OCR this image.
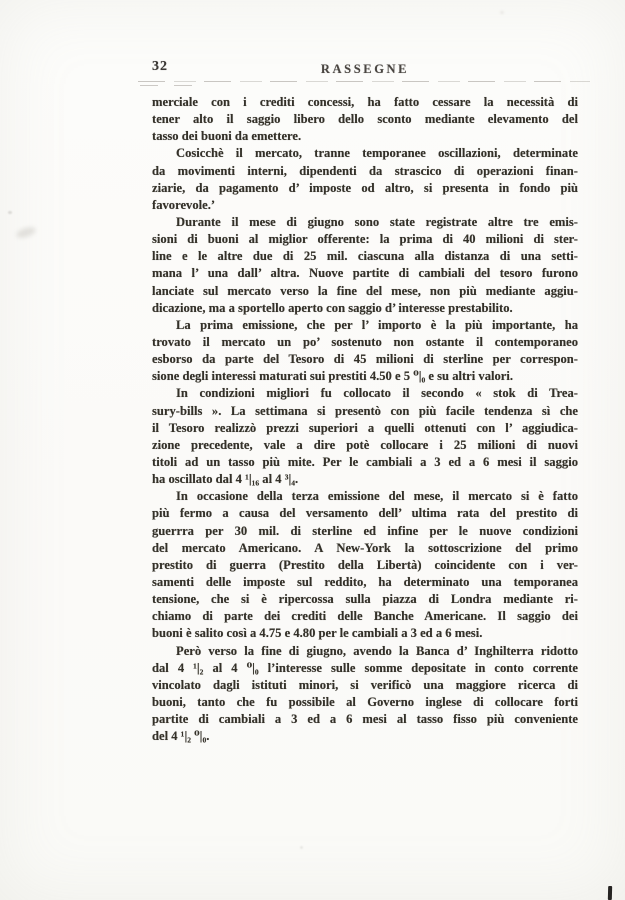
32	RASSEGNE
merciale con i crediti concessi, ha fatto cessare la necessità di
tener alto il saggio libero dello sconto mediante elevamento del
tasso dei buoni da emettere.
Cosicchè il mercato, tranne temporanee oscillazioni, determinate
da movimenti interni, dipendenti da strascico di operazioni finan-
ziarie, da pagamento d’ imposte od altro, si presenta in fondo più
favorevole.’
Durante il mese di giugno sono state registrate altre tre emis-
sioni di buoni al miglior offerente: la prima di 40 milioni di ster-
line e le altre due di 25 mil. ciascuna alla distanza di una setti-
mana l’ una dall’ altra. Nuove partite di cambiali del tesoro furono
lanciate sul mercato verso la fine del mese, non più mediante aggiu-
dicazione, ma a sportello aperto con saggio d’ interesse prestabilito.
La prima emissione, che per l’ importo è la più importante, ha
trovato il mercato un po’ sostenuto non ostante il contemporaneo
esborso da parte del Tesoro di 45 milioni di sterline per correspon-
sione degli interessi maturati sui prestiti 4.50 e 5 ⁰|₀ e su altri valori.
In condizioni migliori fu collocato il secondo « stok di Trea-
sury-bills ». La settimana si presentò con più facile tendenza sì che
il Tesoro realizzò prezzi superiori a quelli ottenuti con l’ aggiudica-
zione precedente, vale a dire potè collocare i 25 milioni di nuovi
titoli ad un tasso più mite. Per le cambiali a 3 ed a 6 mesi il saggio
ha oscillato dal 4 ¹|₁₆ al 4 ³|₄.
In occasione della terza emissione del mese, il mercato si è fatto
più fermo a causa del versamento dell’ ultima rata del prestito di
guerrra per 30 mil. di sterline ed infine per le nuove condizioni
del mercato Americano. A New-York la sottoscrizione del primo
prestito di guerra (Prestito della Libertà) coincidente con i ver-
samenti delle imposte sul reddito, ha determinato una temporanea
tensione, che si è ripercossa sulla piazza di Londra mediante ri-
chiamo di parte dei crediti delle Banche Americane. Il saggio dei
buoni è salito così a 4.75 e 4.80 per le cambiali a 3 ed a 6 mesi.
Però verso la fine di giugno, avendo la Banca d’ Inghilterra ridotto
dal 4 ¹|₂ al 4 ⁰|₀ l’interesse sulle somme depositate in conto corrente
vincolato dagli istituti minori, si verificò una maggiore ricerca di
buoni, tanto che fu possibile al Governo inglese di collocare forti
partite di cambiali a 3 ed a 6 mesi al tasso fisso più conveniente
del 4 ¹|₂ ⁰|₀.
